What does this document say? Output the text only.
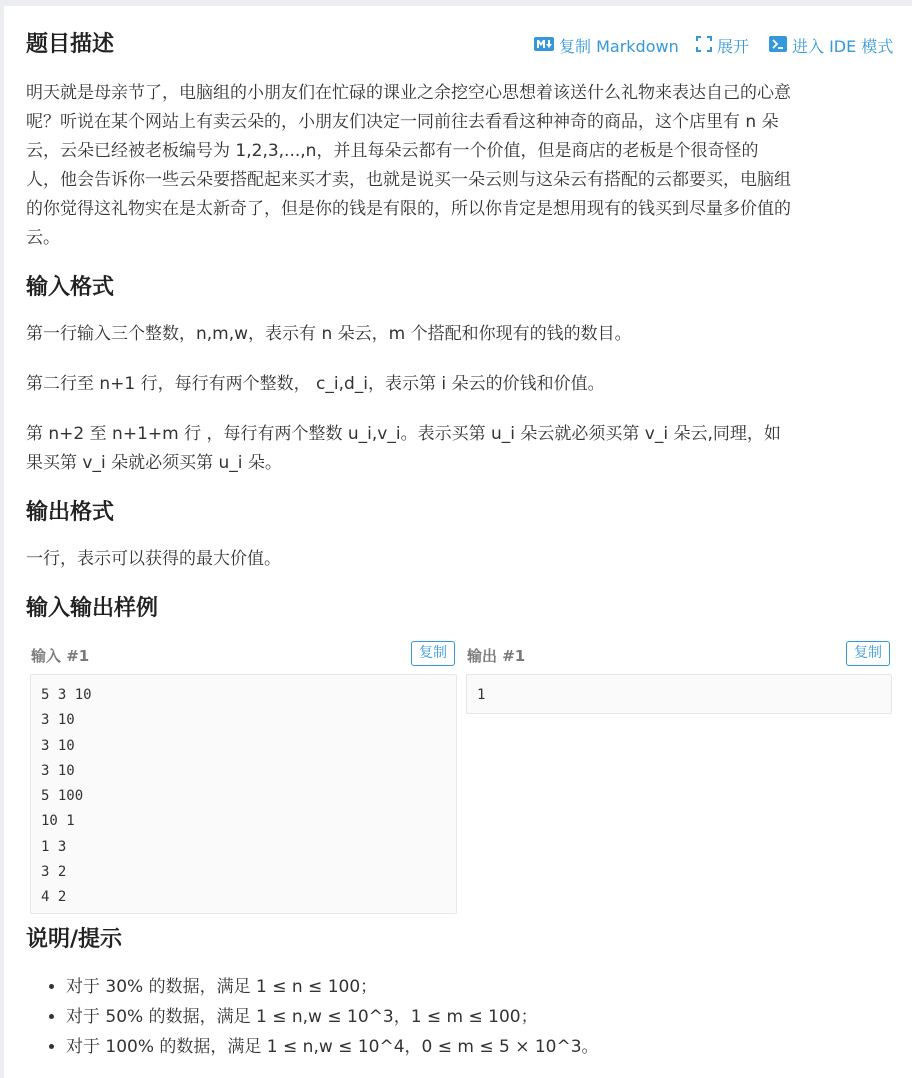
题目描述	复制 Markdown 展开	进入 IDE 模式

明天就是母亲节了，电脑组的小朋友们在忙碌的课业之余挖空心思想着该送什么礼物来表达自己的心意

呢？听说在某个网站上有卖云朵的，小朋友们决定一同前往去看看这种神奇的商品，这个店里有 n 朵

云，云朵已经被老板编号为 1,2,3,...,n，并且每朵云都有一个价值，但是商店的老板是个很奇怪的

人，他会告诉你一些云朵要搭配起来买才卖，也就是说买一朵云则与这朵云有搭配的云都要买，电脑组

的你觉得这礼物实在是太新奇了，但是你的钱是有限的，所以你肯定是想用现有的钱买到尽量多价值的

云。

输入格式

第一行输入三个整数，n,m,w，表示有 n 朵云，m 个搭配和你现有的钱的数目。

第二行至 n+1 行，每行有两个整数， c_i,d_i，表示第 i 朵云的价钱和价值。

第 n+2 至 n+1+m 行 ，每行有两个整数 u_i,v_i。表示买第 u_i 朵云就必须买第 v_i 朵云,同理，如

果买第 v_i 朵就必须买第 u_i 朵。

输出格式

一行，表示可以获得的最大价值。

输入输出样例
输入 #1	复制
5 3 10
3 10
3 10
3 10
5 100
10 1
1 3
3 2
4 2
输出 #1	复制
1
说明/提示
• 对于 30% 的数据，满足 1 ≤ n ≤ 100；
• 对于 50% 的数据，满足 1 ≤ n,w ≤ 10^3，1 ≤ m ≤ 100；
• 对于 100% 的数据，满足 1 ≤ n,w ≤ 10^4，0 ≤ m ≤ 5 × 10^3。
